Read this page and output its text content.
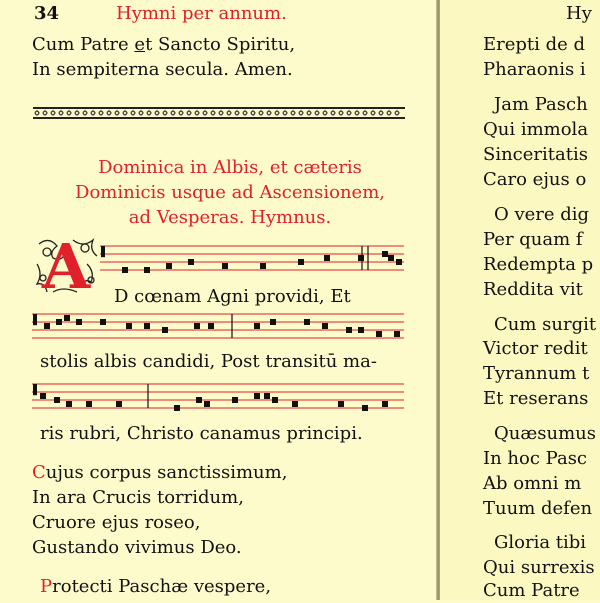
34	Hymni per annum.
Cum Patre et Sancto Spiritu,
In sempiterna secula. Amen.
Dominica in Albis, et cæteris
Dominicis usque ad Ascensionem,
ad Vesperas. Hymnus.
A	D cœnam Agni providi, Et
stolis albis candidi, Post transitū ma-
ris rubri, Christo canamus principi.
Cujus corpus sanctissimum,
In ara Crucis torridum,
Cruore ejus roseo,
Gustando vivimus Deo.
Protecti Paschæ vespere,
Hy
Erepti de d
Pharaonis i
Jam Pasch
Qui immola
Sinceritatis
Caro ejus o
O vere dig
Per quam f
Redempta p
Reddita vit
Cum surgit
Victor redit
Tyrannum t
Et reserans
Quæsumus
In hoc Pasc
Ab omni m
Tuum defen
Gloria tibi
Qui surrexis
Cum Patre
